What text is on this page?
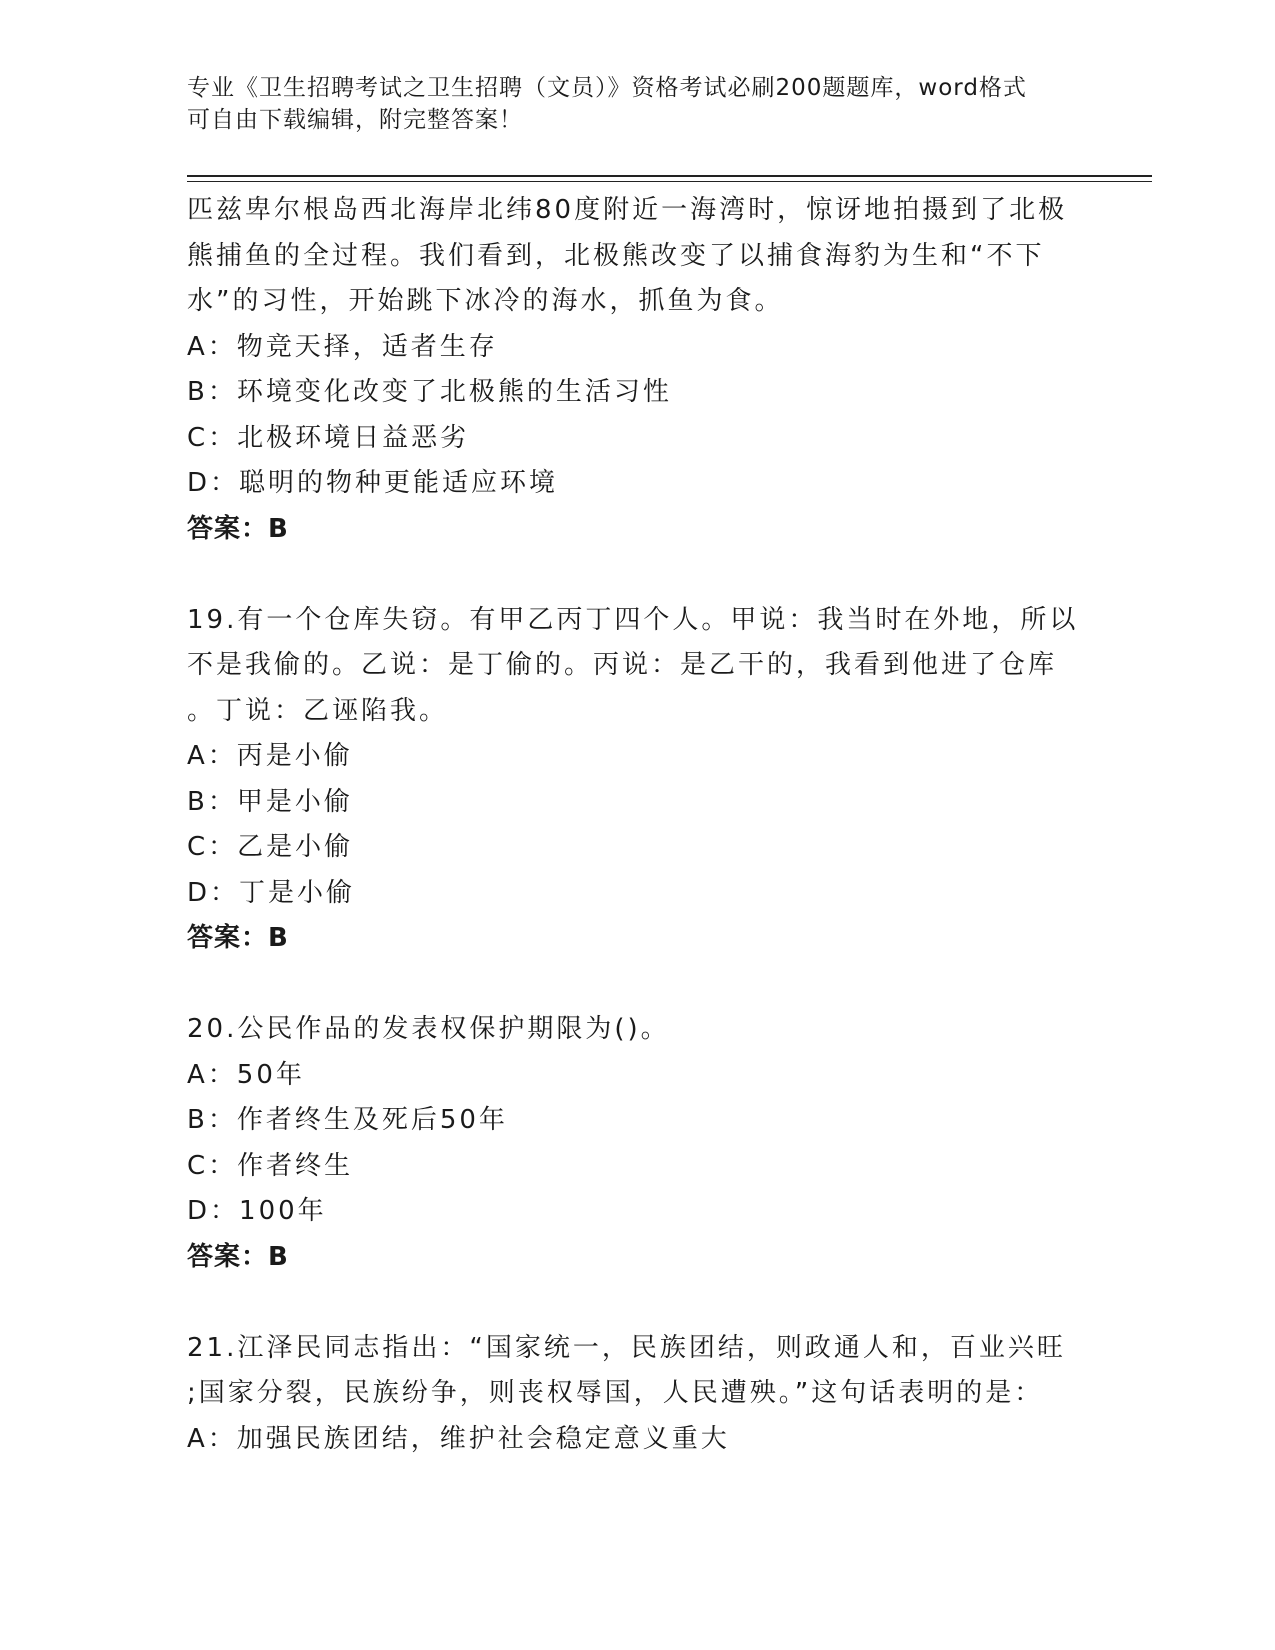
专业《卫生招聘考试之卫生招聘（文员）》资格考试必刷200题题库，word格式
可自由下载编辑，附完整答案！
匹兹卑尔根岛西北海岸北纬80度附近一海湾时，惊讶地拍摄到了北极
熊捕鱼的全过程。我们看到，北极熊改变了以捕食海豹为生和“不下
水”的习性，开始跳下冰冷的海水，抓鱼为食。
A：物竞天择，适者生存
B：环境变化改变了北极熊的生活习性
C：北极环境日益恶劣
D：聪明的物种更能适应环境
答案：B
19.有一个仓库失窃。有甲乙丙丁四个人。甲说：我当时在外地，所以
不是我偷的。乙说：是丁偷的。丙说：是乙干的，我看到他进了仓库
。丁说：乙诬陷我。
A：丙是小偷
B：甲是小偷
C：乙是小偷
D：丁是小偷
答案：B
20.公民作品的发表权保护期限为()。
A：50年
B：作者终生及死后50年
C：作者终生
D：100年
答案：B
21.江泽民同志指出：“国家统一，民族团结，则政通人和，百业兴旺
;国家分裂，民族纷争，则丧权辱国，人民遭殃。”这句话表明的是：
A：加强民族团结，维护社会稳定意义重大
